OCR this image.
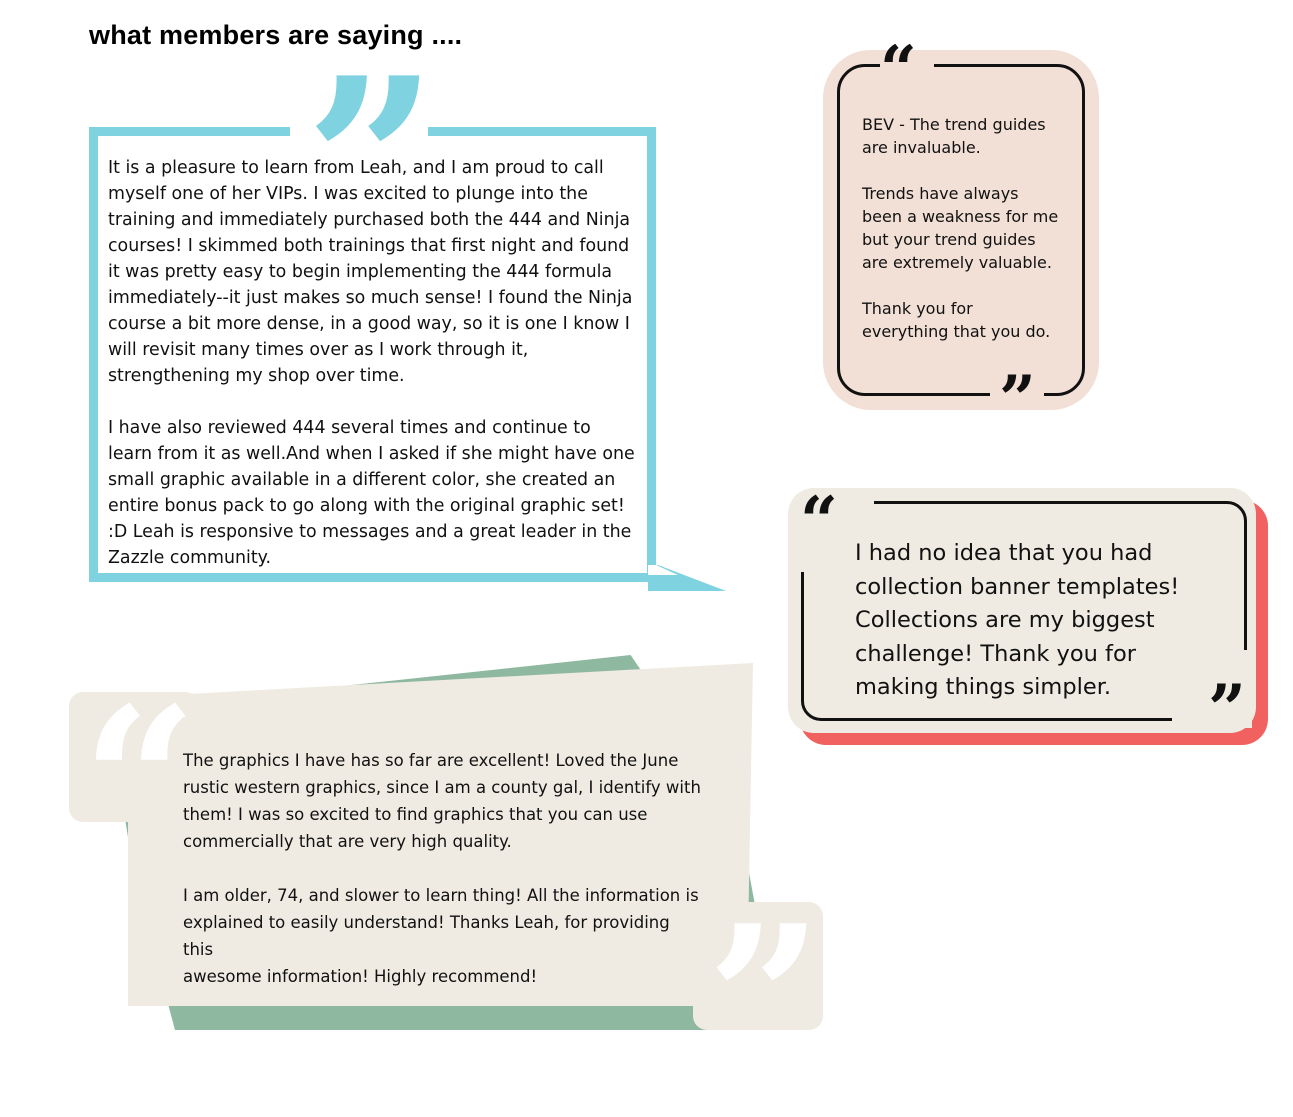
what members are saying ....
”
It is a pleasure to learn from Leah, and I am proud to call
myself one of her VIPs. I was excited to plunge into the
training and immediately purchased both the 444 and Ninja
courses! I skimmed both trainings that first night and found
it was pretty easy to begin implementing the 444 formula
immediately--it just makes so much sense! I found the Ninja
course a bit more dense, in a good way, so it is one I know I
will revisit many times over as I work through it,
strengthening my shop over time.

I have also reviewed 444 several times and continue to
learn from it as well.And when I asked if she might have one
small graphic available in a different color, she created an
entire bonus pack to go along with the original graphic set!
:D Leah is responsive to messages and a great leader in the
Zazzle community.
“
”
BEV - The trend guides
are invaluable.

Trends have always
been a weakness for me
but your trend guides
are extremely valuable.

Thank you for
everything that you do.
“
”
I had no idea that you had
collection banner templates!
Collections are my biggest
challenge! Thank you for
making things simpler.
“
”
The graphics I have has so far are excellent! Loved the June
rustic western graphics, since I am a county gal, I identify with
them! I was so excited to find graphics that you can use
commercially that are very high quality.

I am older, 74, and slower to learn thing! All the information is
explained to easily understand! Thanks Leah, for providing this
awesome information! Highly recommend!
